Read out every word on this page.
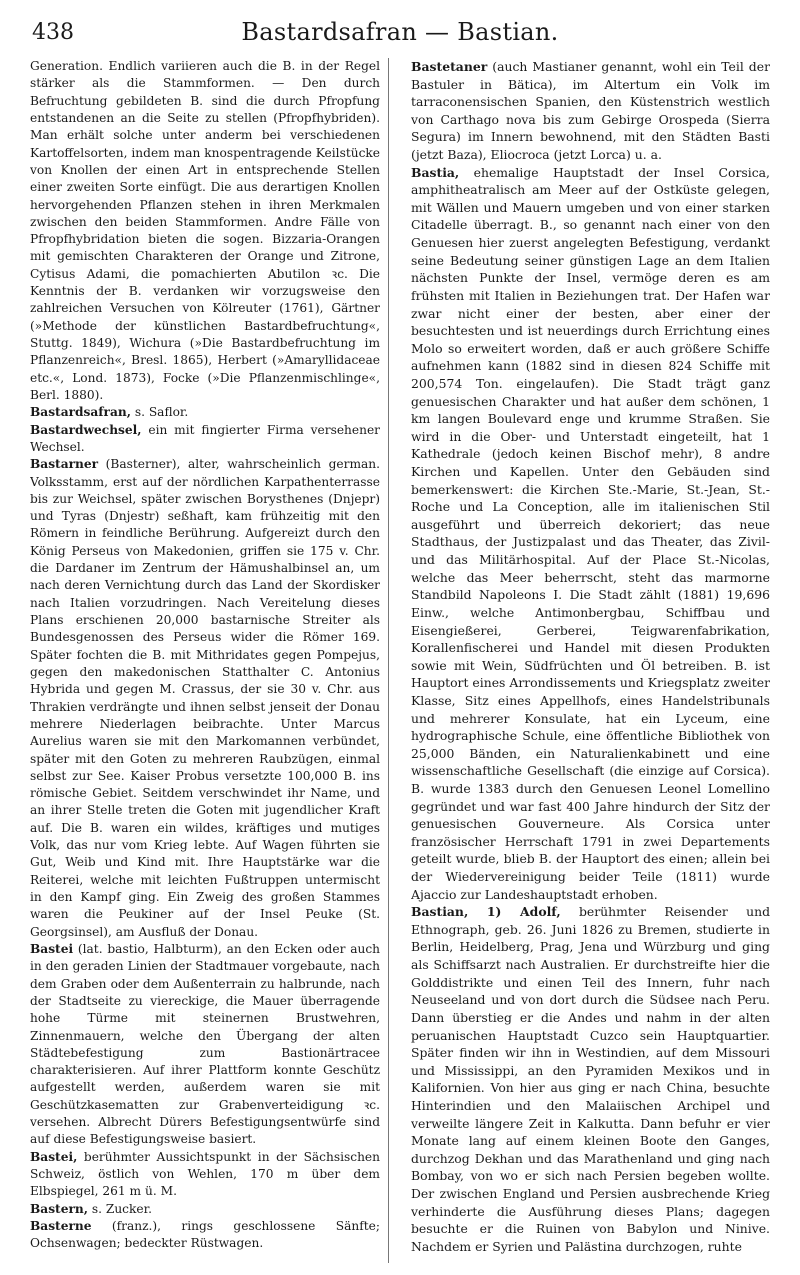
438	Bastardsafran — Bastian.

Generation. Endlich variieren auch die B. in der Regel stärker als die Stammformen. — Den durch Befruchtung gebildeten B. sind die durch Pfropfung entstandenen an die Seite zu stellen (Pfropfhybriden). Man erhält solche unter anderm bei verschiedenen Kartoffelsorten, indem man knospentragende Keilstücke von Knollen der einen Art in entsprechende Stellen einer zweiten Sorte einfügt. Die aus derartigen Knollen hervorgehenden Pflanzen stehen in ihren Merkmalen zwischen den beiden Stammformen. Andre Fälle von Pfropfhybridation bieten die sogen. Bizzaria-Orangen mit gemischten Charakteren der Orange und Zitrone, Cytisus Adami, die pomachierten Abutilon ꝛc. Die Kenntnis der B. verdanken wir vorzugsweise den zahlreichen Versuchen von Kölreuter (1761), Gärtner (»Methode der künstlichen Bastardbefruchtung«, Stuttg. 1849), Wichura (»Die Bastardbefruchtung im Pflanzenreich«, Bresl. 1865), Herbert (»Amaryllidaceae etc.«, Lond. 1873), Focke (»Die Pflanzenmischlinge«, Berl. 1880).

Bastardsafran, s. Saflor.

Bastardwechsel, ein mit fingierter Firma versehener Wechsel.

Bastarner (Basterner), alter, wahrscheinlich german. Volksstamm, erst auf der nördlichen Karpathenterrasse bis zur Weichsel, später zwischen Borysthenes (Dnjepr) und Tyras (Dnjestr) seßhaft, kam frühzeitig mit den Römern in feindliche Berührung. Aufgereizt durch den König Perseus von Makedonien, griffen sie 175 v. Chr. die Dardaner im Zentrum der Hämushalbinsel an, um nach deren Vernichtung durch das Land der Skordisker nach Italien vorzudringen. Nach Vereitelung dieses Plans erschienen 20,000 bastarnische Streiter als Bundesgenossen des Perseus wider die Römer 169. Später fochten die B. mit Mithridates gegen Pompejus, gegen den makedonischen Statthalter C. Antonius Hybrida und gegen M. Crassus, der sie 30 v. Chr. aus Thrakien verdrängte und ihnen selbst jenseit der Donau mehrere Niederlagen beibrachte. Unter Marcus Aurelius waren sie mit den Markomannen verbündet, später mit den Goten zu mehreren Raubzügen, einmal selbst zur See. Kaiser Probus versetzte 100,000 B. ins römische Gebiet. Seitdem verschwindet ihr Name, und an ihrer Stelle treten die Goten mit jugendlicher Kraft auf. Die B. waren ein wildes, kräftiges und mutiges Volk, das nur vom Krieg lebte. Auf Wagen führten sie Gut, Weib und Kind mit. Ihre Hauptstärke war die Reiterei, welche mit leichten Fußtruppen untermischt in den Kampf ging. Ein Zweig des großen Stammes waren die Peukiner auf der Insel Peuke (St. Georgsinsel), am Ausfluß der Donau.

Bastei (lat. bastio, Halbturm), an den Ecken oder auch in den geraden Linien der Stadtmauer vorgebaute, nach dem Graben oder dem Außenterrain zu halbrunde, nach der Stadtseite zu viereckige, die Mauer überragende hohe Türme mit steinernen Brustwehren, Zinnenmauern, welche den Übergang der alten Städtebefestigung zum Bastionärtracee charakterisieren. Auf ihrer Plattform konnte Geschütz aufgestellt werden, außerdem waren sie mit Geschützkasematten zur Grabenverteidigung ꝛc. versehen. Albrecht Dürers Befestigungsentwürfe sind auf diese Befestigungsweise basiert.

Bastei, berühmter Aussichtspunkt in der Sächsischen Schweiz, östlich von Wehlen, 170 m über dem Elbspiegel, 261 m ü. M.

Bastern, s. Zucker.

Basterne (franz.), rings geschlossene Sänfte; Ochsenwagen; bedeckter Rüstwagen.

Bastetaner (auch Mastianer genannt, wohl ein Teil der Bastuler in Bätica), im Altertum ein Volk im tarraconensischen Spanien, den Küstenstrich westlich von Carthago nova bis zum Gebirge Orospeda (Sierra Segura) im Innern bewohnend, mit den Städten Basti (jetzt Baza), Eliocroca (jetzt Lorca) u. a.

Bastia, ehemalige Hauptstadt der Insel Corsica, amphitheatralisch am Meer auf der Ostküste gelegen, mit Wällen und Mauern umgeben und von einer starken Citadelle überragt. B., so genannt nach einer von den Genuesen hier zuerst angelegten Befestigung, verdankt seine Bedeutung seiner günstigen Lage an dem Italien nächsten Punkte der Insel, vermöge deren es am frühsten mit Italien in Beziehungen trat. Der Hafen war zwar nicht einer der besten, aber einer der besuchtesten und ist neuerdings durch Errichtung eines Molo so erweitert worden, daß er auch größere Schiffe aufnehmen kann (1882 sind in diesen 824 Schiffe mit 200,574 Ton. eingelaufen). Die Stadt trägt ganz genuesischen Charakter und hat außer dem schönen, 1 km langen Boulevard enge und krumme Straßen. Sie wird in die Ober- und Unterstadt eingeteilt, hat 1 Kathedrale (jedoch keinen Bischof mehr), 8 andre Kirchen und Kapellen. Unter den Gebäuden sind bemerkenswert: die Kirchen Ste.-Marie, St.-Jean, St.-Roche und La Conception, alle im italienischen Stil ausgeführt und überreich dekoriert; das neue Stadthaus, der Justizpalast und das Theater, das Zivil- und das Militärhospital. Auf der Place St.-Nicolas, welche das Meer beherrscht, steht das marmorne Standbild Napoleons I. Die Stadt zählt (1881) 19,696 Einw., welche Antimonbergbau, Schiffbau und Eisengießerei, Gerberei, Teigwarenfabrikation, Korallenfischerei und Handel mit diesen Produkten sowie mit Wein, Südfrüchten und Öl betreiben. B. ist Hauptort eines Arrondissements und Kriegsplatz zweiter Klasse, Sitz eines Appellhofs, eines Handelstribunals und mehrerer Konsulate, hat ein Lyceum, eine hydrographische Schule, eine öffentliche Bibliothek von 25,000 Bänden, ein Naturalienkabinett und eine wissenschaftliche Gesellschaft (die einzige auf Corsica). B. wurde 1383 durch den Genuesen Leonel Lomellino gegründet und war fast 400 Jahre hindurch der Sitz der genuesischen Gouverneure. Als Corsica unter französischer Herrschaft 1791 in zwei Departements geteilt wurde, blieb B. der Hauptort des einen; allein bei der Wiedervereinigung beider Teile (1811) wurde Ajaccio zur Landeshauptstadt erhoben.

Bastian, 1) Adolf, berühmter Reisender und Ethnograph, geb. 26. Juni 1826 zu Bremen, studierte in Berlin, Heidelberg, Prag, Jena und Würzburg und ging als Schiffsarzt nach Australien. Er durchstreifte hier die Golddistrikte und einen Teil des Innern, fuhr nach Neuseeland und von dort durch die Südsee nach Peru. Dann überstieg er die Andes und nahm in der alten peruanischen Hauptstadt Cuzco sein Hauptquartier. Später finden wir ihn in Westindien, auf dem Missouri und Mississippi, an den Pyramiden Mexikos und in Kalifornien. Von hier aus ging er nach China, besuchte Hinterindien und den Malaiischen Archipel und verweilte längere Zeit in Kalkutta. Dann befuhr er vier Monate lang auf einem kleinen Boote den Ganges, durchzog Dekhan und das Marathenland und ging nach Bombay, von wo er sich nach Persien begeben wollte. Der zwischen England und Persien ausbrechende Krieg verhinderte die Ausführung dieses Plans; dagegen besuchte er die Ruinen von Babylon und Ninive. Nachdem er Syrien und Palästina durchzogen, ruhte
